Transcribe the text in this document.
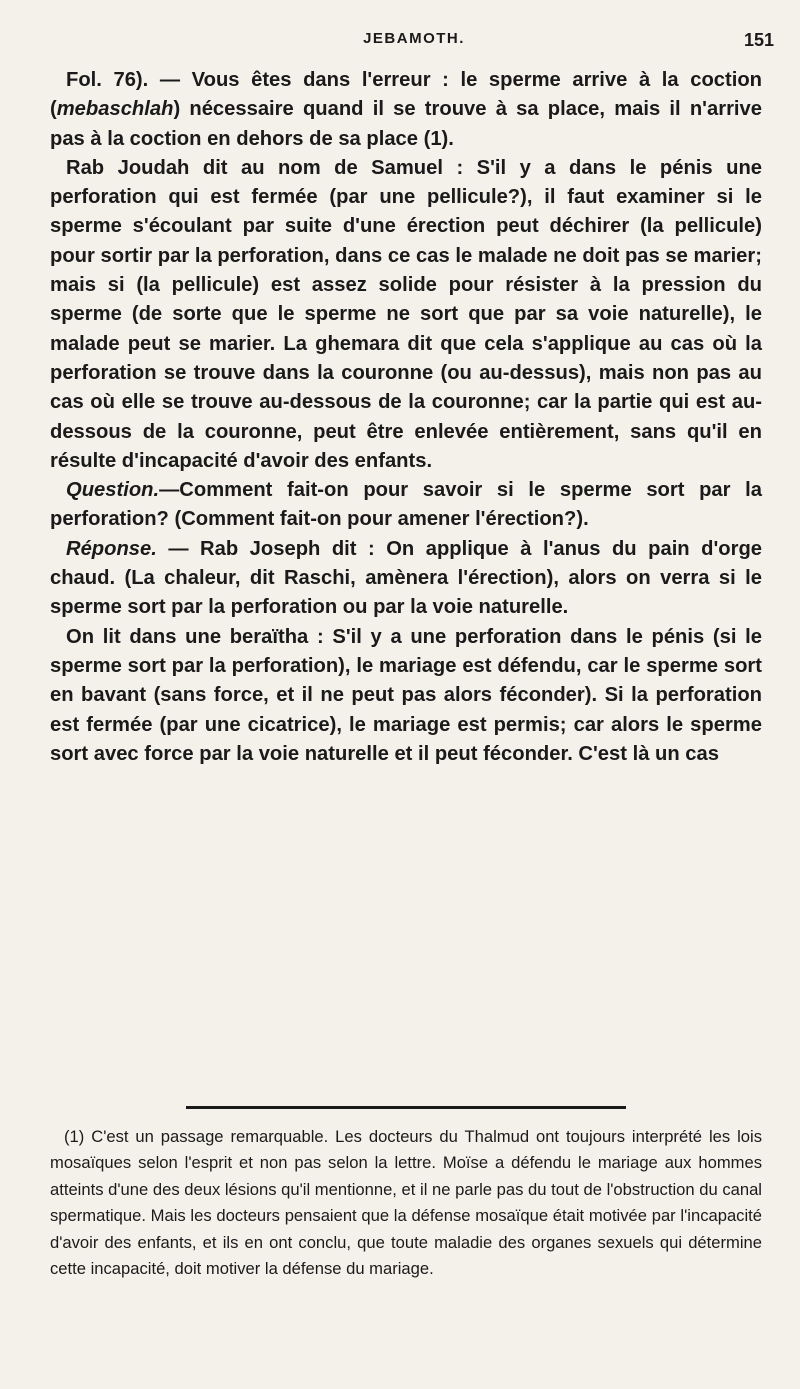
JEBAMOTH.	151

Fol. 76). — Vous êtes dans l'erreur : le sperme arrive à la coction (mebaschlah) nécessaire quand il se trouve à sa place, mais il n'arrive pas à la coction en dehors de sa place (1).

Rab Joudah dit au nom de Samuel : S'il y a dans le pénis une perforation qui est fermée (par une pellicule?), il faut examiner si le sperme s'écoulant par suite d'une érection peut déchirer (la pellicule) pour sortir par la perforation, dans ce cas le malade ne doit pas se marier; mais si (la pellicule) est assez solide pour résister à la pression du sperme (de sorte que le sperme ne sort que par sa voie naturelle), le malade peut se marier. La ghemara dit que cela s'applique au cas où la perforation se trouve dans la couronne (ou au-dessus), mais non pas au cas où elle se trouve au-dessous de la couronne; car la partie qui est au-dessous de la couronne, peut être enlevée entièrement, sans qu'il en résulte d'incapacité d'avoir des enfants.

Question.—Comment fait-on pour savoir si le sperme sort par la perforation? (Comment fait-on pour amener l'érection?).

Réponse. — Rab Joseph dit : On applique à l'anus du pain d'orge chaud. (La chaleur, dit Raschi, amènera l'érection), alors on verra si le sperme sort par la perforation ou par la voie naturelle.

On lit dans une beraïtha : S'il y a une perforation dans le pénis (si le sperme sort par la perforation), le mariage est défendu, car le sperme sort en bavant (sans force, et il ne peut pas alors féconder). Si la perforation est fermée (par une cicatrice), le mariage est permis; car alors le sperme sort avec force par la voie naturelle et il peut féconder. C'est là un cas

(1) C'est un passage remarquable. Les docteurs du Thalmud ont toujours interprété les lois mosaïques selon l'esprit et non pas selon la lettre. Moïse a défendu le mariage aux hommes atteints d'une des deux lésions qu'il mentionne, et il ne parle pas du tout de l'obstruction du canal spermatique. Mais les docteurs pensaient que la défense mosaïque était motivée par l'incapacité d'avoir des enfants, et ils en ont conclu, que toute maladie des organes sexuels qui détermine cette incapacité, doit motiver la défense du mariage.
